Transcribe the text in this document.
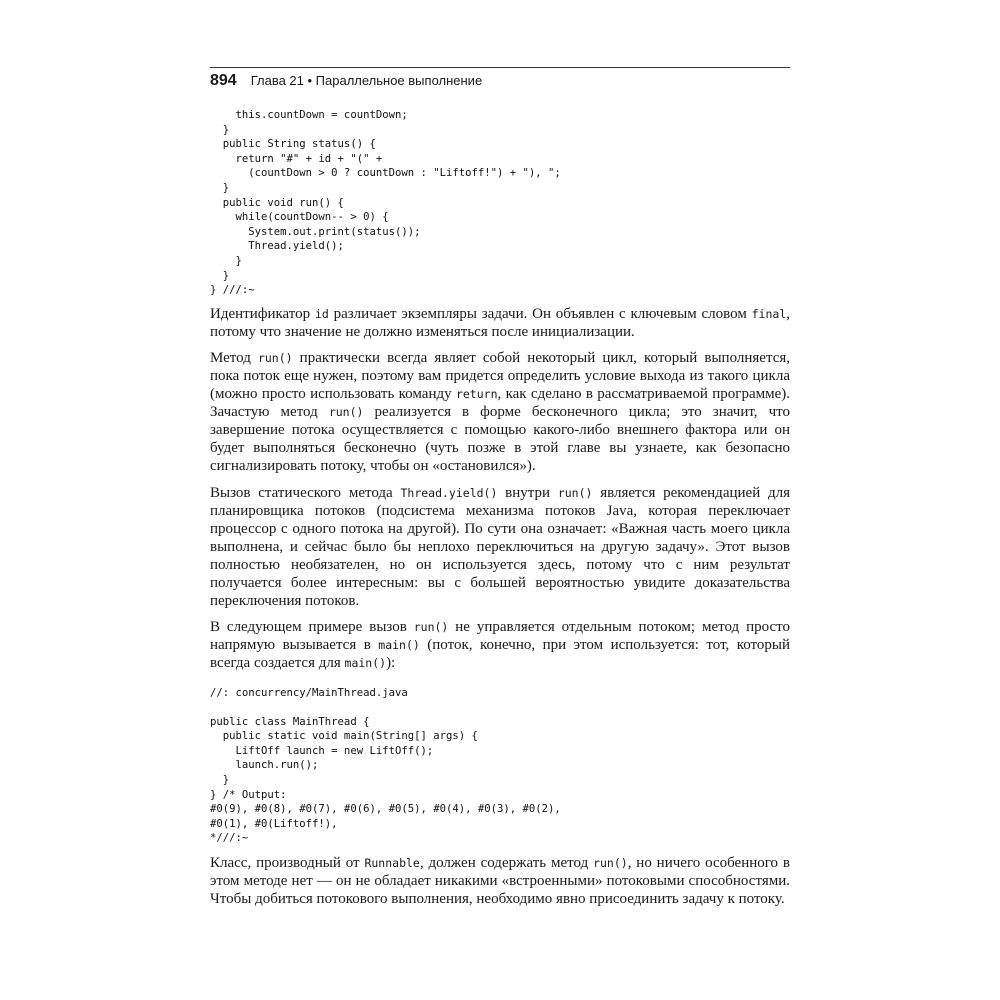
894 Глава 21 • Параллельное выполнение
this.countDown = countDown;
}
public String status() {
return "#" + id + "(" +
(countDown > 0 ? countDown : "Liftoff!") + "), ";
}
public void run() {
while(countDown-- > 0) {
System.out.print(status());
Thread.yield();
}
}
} ///:~

Идентификатор id различает экземпляры задачи. Он объявлен с ключевым словом final, потому что значение не должно изменяться после инициализации.

Метод run() практически всегда являет собой некоторый цикл, который выполняется, пока поток еще нужен, поэтому вам придется определить условие выхода из такого цикла (можно просто использовать команду return, как сделано в рассматриваемой программе). Зачастую метод run() реализуется в форме бесконечного цикла; это значит, что завершение потока осуществляется с помощью какого-либо внешнего фактора или он будет выполняться бесконечно (чуть позже в этой главе вы узнаете, как безопасно сигнализировать потоку, чтобы он «остановился»).

Вызов статического метода Thread.yield() внутри run() является рекомендацией для планировщика потоков (подсистема механизма потоков Java, которая переключает процессор с одного потока на другой). По сути она означает: «Важная часть моего цикла выполнена, и сейчас было бы неплохо переключиться на другую задачу». Этот вызов полностью необязателен, но он используется здесь, потому что с ним результат получается более интересным: вы с большей вероятностью увидите доказательства переключения потоков.

В следующем примере вызов run() не управляется отдельным потоком; метод просто напрямую вызывается в main() (поток, конечно, при этом используется: тот, который всегда создается для main()):

//: concurrency/MainThread.java

public class MainThread {
public static void main(String[] args) {
LiftOff launch = new LiftOff();
launch.run();
}
} /* Output:
#0(9), #0(8), #0(7), #0(6), #0(5), #0(4), #0(3), #0(2),
#0(1), #0(Liftoff!),
*///:~

Класс, производный от Runnable, должен содержать метод run(), но ничего особенного в этом методе нет — он не обладает никакими «встроенными» потоковыми способностями. Чтобы добиться потокового выполнения, необходимо явно присоединить задачу к потоку.
